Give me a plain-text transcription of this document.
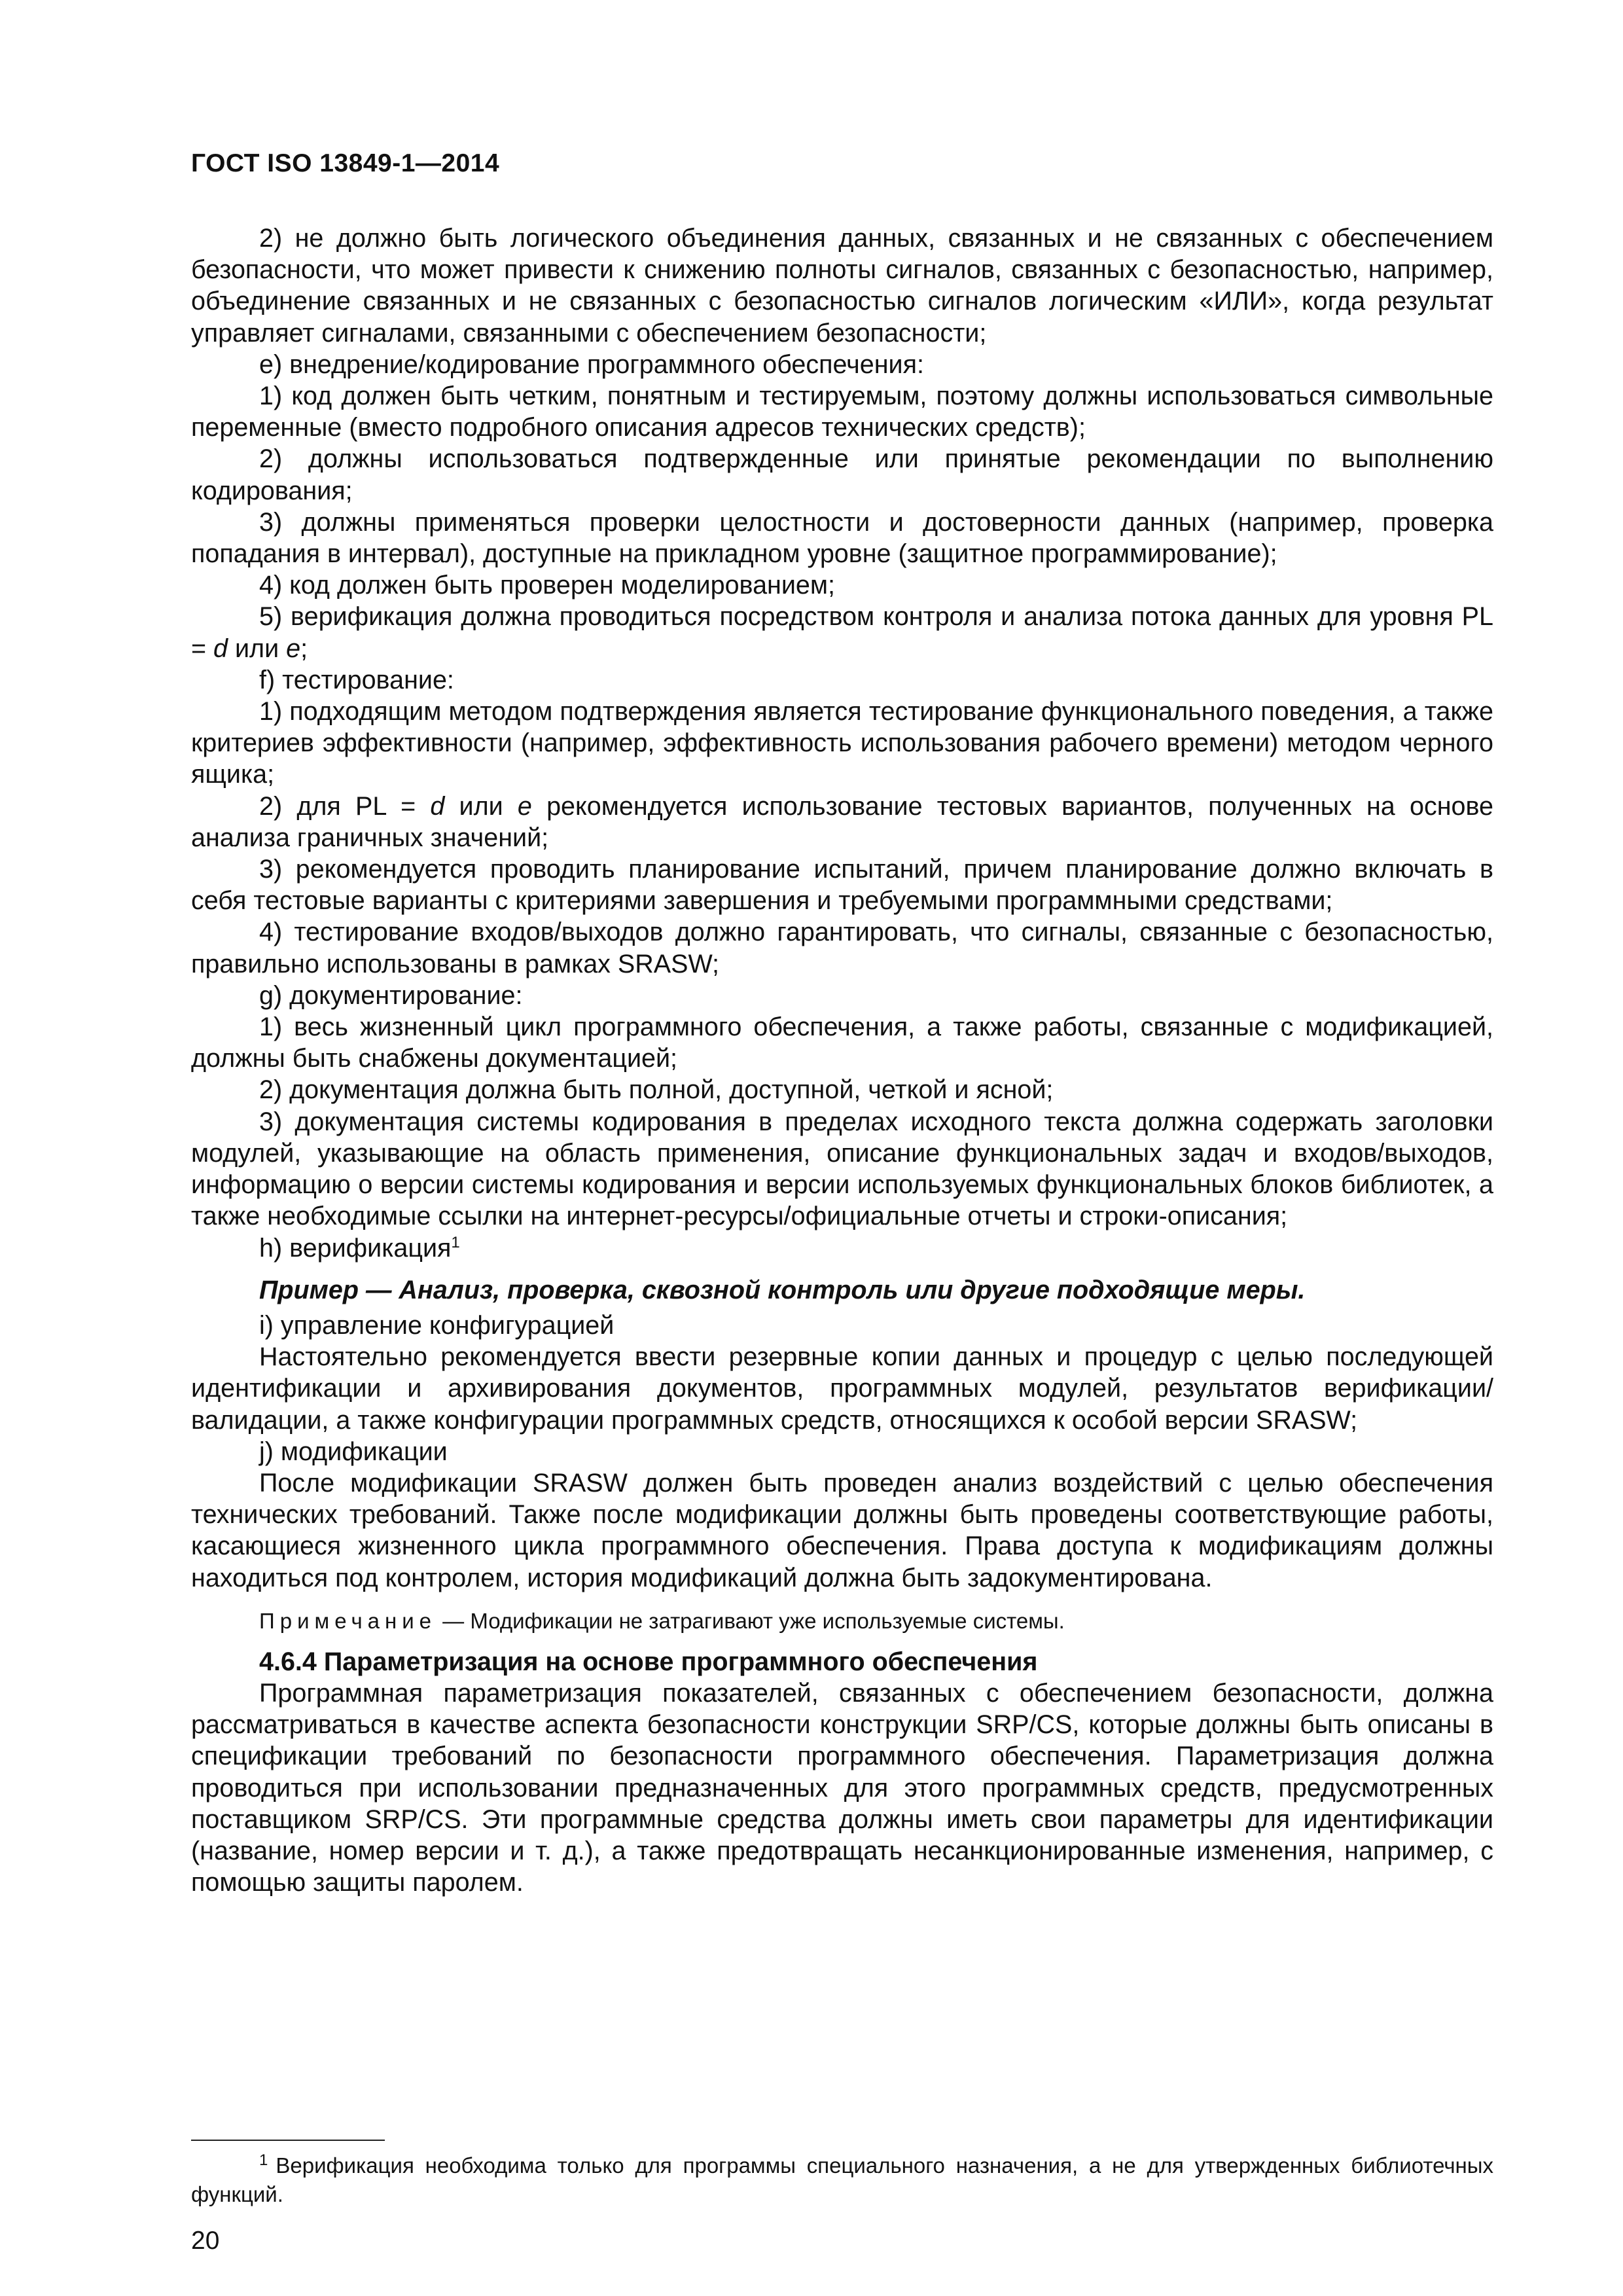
ГОСТ ISO 13849-1—2014

2) не должно быть логического объединения данных, связанных и не связанных с обеспечением безопасности, что может привести к снижению полноты сигналов, связанных с безопасностью, например, объединение связанных и не связанных с безопасностью сигналов логическим «ИЛИ», когда результат управляет сигналами, связанными с обеспечением безопасности;

е) внедрение/кодирование программного обеспечения:

1) код должен быть четким, понятным и тестируемым, поэтому должны использоваться символьные переменные (вместо подробного описания адресов технических средств);

2) должны использоваться подтвержденные или принятые рекомендации по выполнению кодирования;

3) должны применяться проверки целостности и достоверности данных (например, проверка попадания в интервал), доступные на прикладном уровне (защитное программирование);

4) код должен быть проверен моделированием;

5) верификация должна проводиться посредством контроля и анализа потока данных для уровня PL = d или e;

f) тестирование:

1) подходящим методом подтверждения является тестирование функционального поведения, а также критериев эффективности (например, эффективность использования рабочего времени) методом черного ящика;

2) для PL = d или e рекомендуется использование тестовых вариантов, полученных на основе анализа граничных значений;

3) рекомендуется проводить планирование испытаний, причем планирование должно включать в себя тестовые варианты с критериями завершения и требуемыми программными средствами;

4) тестирование входов/выходов должно гарантировать, что сигналы, связанные с безопасностью, правильно использованы в рамках SRASW;

g) документирование:

1) весь жизненный цикл программного обеспечения, а также работы, связанные с модификацией, должны быть снабжены документацией;

2) документация должна быть полной, доступной, четкой и ясной;

3) документация системы кодирования в пределах исходного текста должна содержать заголовки модулей, указывающие на область применения, описание функциональных задач и входов/выходов, информацию о версии системы кодирования и версии используемых функциональных блоков библиотек, а также необходимые ссылки на интернет-ресурсы/официальные отчеты и строки-описания;

h) верификация$^1$

Пример — Анализ, проверка, сквозной контроль или другие подходящие меры.

i) управление конфигурацией

Настоятельно рекомендуется ввести резервные копии данных и процедур с целью последующей идентификации и архивирования документов, программных модулей, результатов верификации/валидации, а также конфигурации программных средств, относящихся к особой версии SRASW;

j) модификации

После модификации SRASW должен быть проведен анализ воздействий с целью обеспечения технических требований. Также после модификации должны быть проведены соответствующие работы, касающиеся жизненного цикла программного обеспечения. Права доступа к модификациям должны находиться под контролем, история модификаций должна быть задокументирована.

Примечание — Модификации не затрагивают уже используемые системы.

4.6.4 Параметризация на основе программного обеспечения

Программная параметризация показателей, связанных с обеспечением безопасности, должна рассматриваться в качестве аспекта безопасности конструкции SRP/CS, которые должны быть описаны в спецификации требований по безопасности программного обеспечения. Параметризация должна проводиться при использовании предназначенных для этого программных средств, предусмотренных поставщиком SRP/CS. Эти программные средства должны иметь свои параметры для идентификации (название, номер версии и т. д.), а также предотвращать несанкционированные изменения, например, с помощью защиты паролем.

$^1$ Верификация необходима только для программы специального назначения, а не для утвержденных библиотечных функций.
20
